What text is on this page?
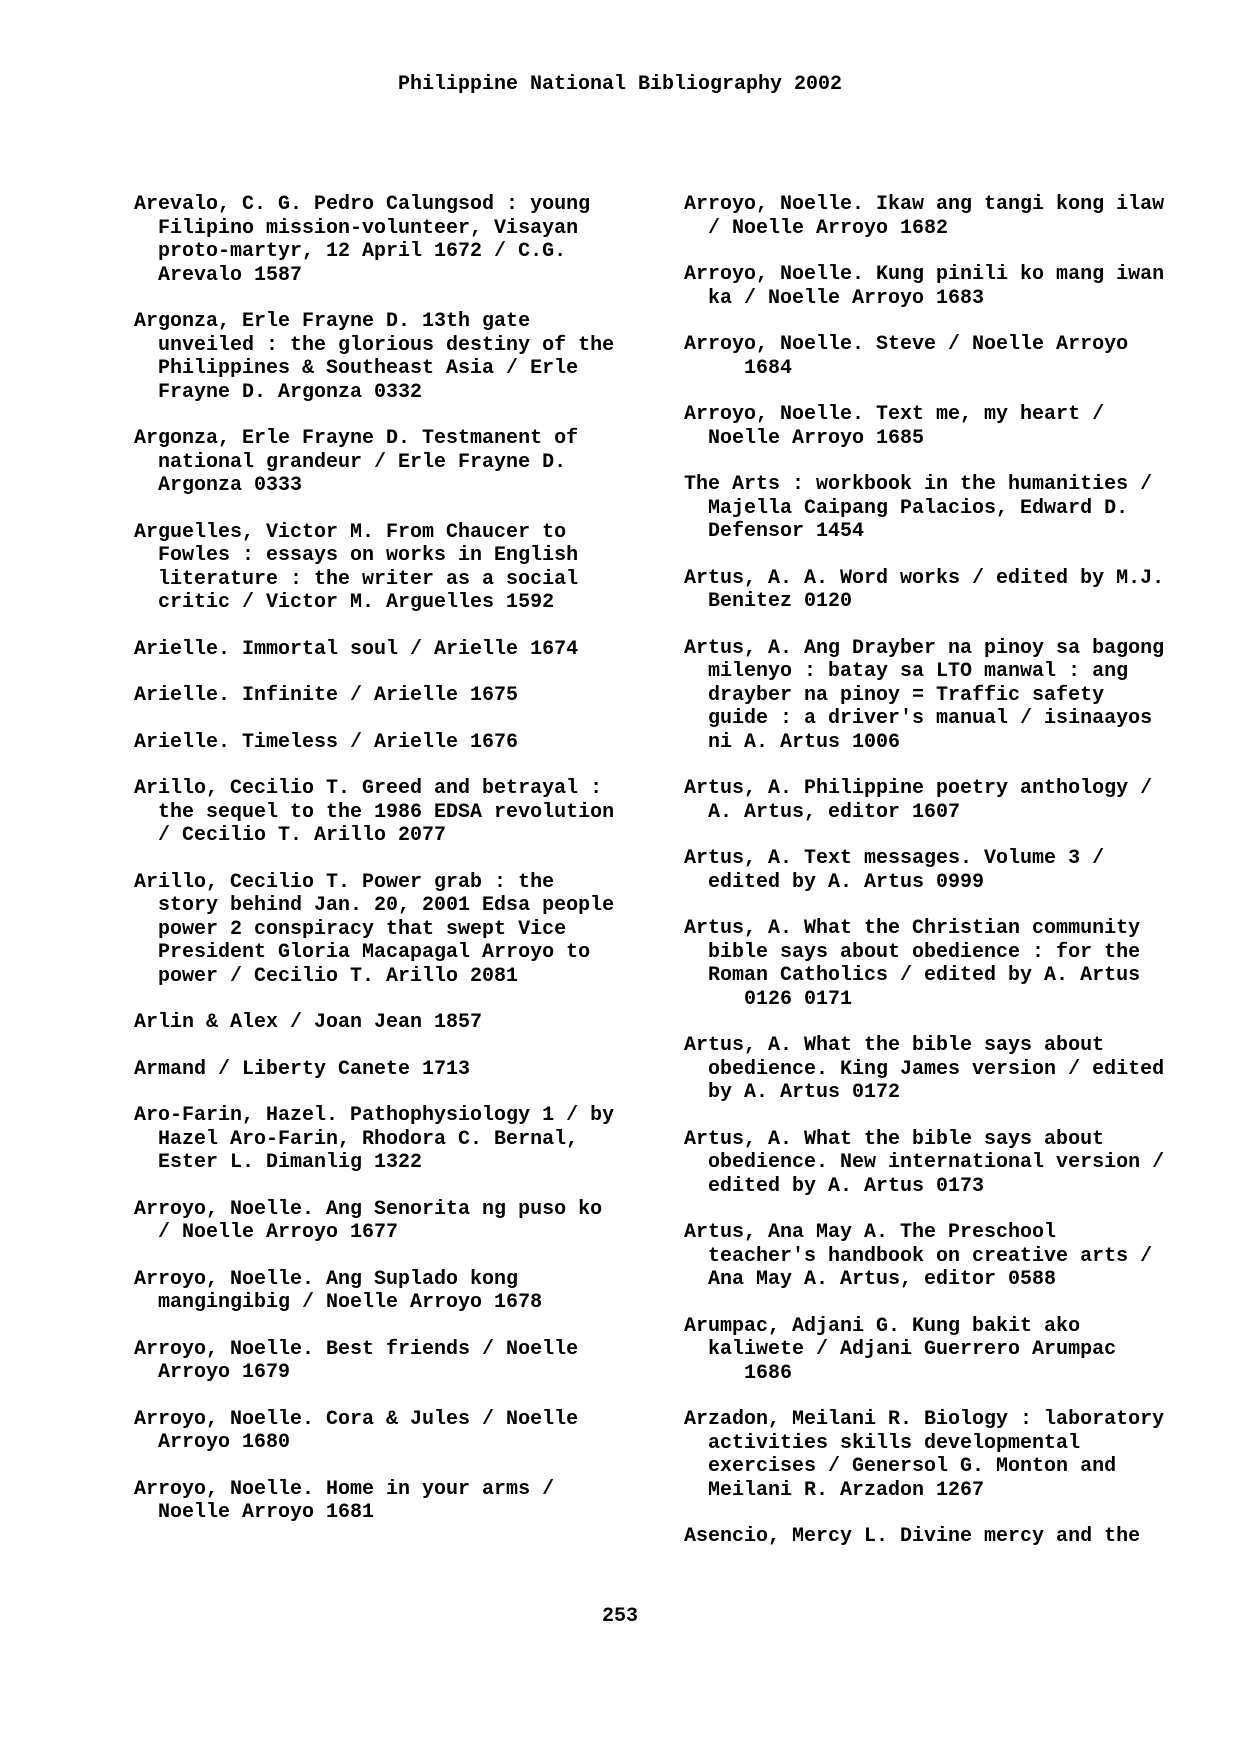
Philippine National Bibliography 2002
Arevalo, C. G. Pedro Calungsod : young
Filipino mission-volunteer, Visayan
proto-martyr, 12 April 1672 / C.G.
Arevalo 1587
Argonza, Erle Frayne D. 13th gate
unveiled : the glorious destiny of the
Philippines & Southeast Asia / Erle
Frayne D. Argonza 0332
Argonza, Erle Frayne D. Testmanent of
national grandeur / Erle Frayne D.
Argonza 0333
Arguelles, Victor M. From Chaucer to
Fowles : essays on works in English
literature : the writer as a social
critic / Victor M. Arguelles 1592
Arielle. Immortal soul / Arielle 1674
Arielle. Infinite / Arielle 1675
Arielle. Timeless / Arielle 1676
Arillo, Cecilio T. Greed and betrayal :
the sequel to the 1986 EDSA revolution
/ Cecilio T. Arillo 2077
Arillo, Cecilio T. Power grab : the
story behind Jan. 20, 2001 Edsa people
power 2 conspiracy that swept Vice
President Gloria Macapagal Arroyo to
power / Cecilio T. Arillo 2081
Arlin & Alex / Joan Jean 1857
Armand / Liberty Canete 1713
Aro-Farin, Hazel. Pathophysiology 1 / by
Hazel Aro-Farin, Rhodora C. Bernal,
Ester L. Dimanlig 1322
Arroyo, Noelle. Ang Senorita ng puso ko
/ Noelle Arroyo 1677
Arroyo, Noelle. Ang Suplado kong
mangingibig / Noelle Arroyo 1678
Arroyo, Noelle. Best friends / Noelle
Arroyo 1679
Arroyo, Noelle. Cora & Jules / Noelle
Arroyo 1680
Arroyo, Noelle. Home in your arms /
Noelle Arroyo 1681
Arroyo, Noelle. Ikaw ang tangi kong ilaw
/ Noelle Arroyo 1682
Arroyo, Noelle. Kung pinili ko mang iwan
ka / Noelle Arroyo 1683
Arroyo, Noelle. Steve / Noelle Arroyo
1684
Arroyo, Noelle. Text me, my heart /
Noelle Arroyo 1685
The Arts : workbook in the humanities /
Majella Caipang Palacios, Edward D.
Defensor 1454
Artus, A. A. Word works / edited by M.J.
Benitez 0120
Artus, A. Ang Drayber na pinoy sa bagong
milenyo : batay sa LTO manwal : ang
drayber na pinoy = Traffic safety
guide : a driver's manual / isinaayos
ni A. Artus 1006
Artus, A. Philippine poetry anthology /
A. Artus, editor 1607
Artus, A. Text messages. Volume 3 /
edited by A. Artus 0999
Artus, A. What the Christian community
bible says about obedience : for the
Roman Catholics / edited by A. Artus
0126 0171
Artus, A. What the bible says about
obedience. King James version / edited
by A. Artus 0172
Artus, A. What the bible says about
obedience. New international version /
edited by A. Artus 0173
Artus, Ana May A. The Preschool
teacher's handbook on creative arts /
Ana May A. Artus, editor 0588
Arumpac, Adjani G. Kung bakit ako
kaliwete / Adjani Guerrero Arumpac
1686
Arzadon, Meilani R. Biology : laboratory
activities skills developmental
exercises / Genersol G. Monton and
Meilani R. Arzadon 1267
Asencio, Mercy L. Divine mercy and the
253
